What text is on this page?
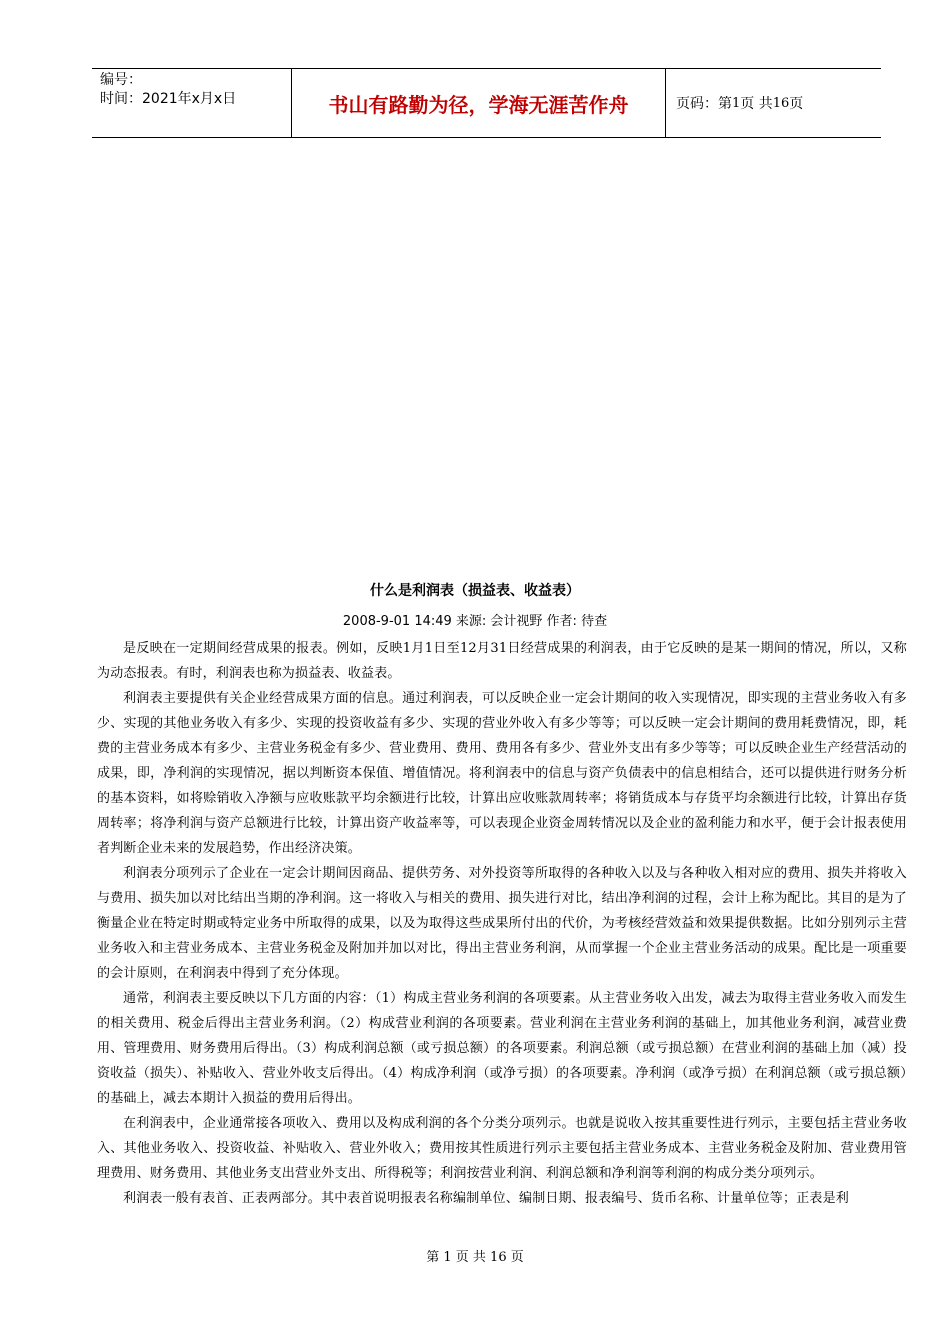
编号：
时间：2021年x月x日	书山有路勤为径，学海无涯苦作舟	页码：第 1 页 共 16 页
什么是利润表（损益表、收益表）
2008-9-01 14:49 来源: 会计视野 作者: 待查

是反映在一定期间经营成果的报表。例如，反映1月1日至12月31日经营成果的利润表，由于它反映的是某一期间的情况，所以，又称为动态报表。有时，利润表也称为损益表、收益表。

利润表主要提供有关企业经营成果方面的信息。通过利润表，可以反映企业一定会计期间的收入实现情况，即实现的主营业务收入有多少、实现的其他业务收入有多少、实现的投资收益有多少、实现的营业外收入有多少等等；可以反映一定会计期间的费用耗费情况，即，耗费的主营业务成本有多少、主营业务税金有多少、营业费用、费用、费用各有多少、营业外支出有多少等等；可以反映企业生产经营活动的成果，即，净利润的实现情况，据以判断资本保值、增值情况。将利润表中的信息与资产负债表中的信息相结合，还可以提供进行财务分析的基本资料，如将赊销收入净额与应收账款平均余额进行比较，计算出应收账款周转率；将销货成本与存货平均余额进行比较，计算出存货周转率；将净利润与资产总额进行比较，计算出资产收益率等，可以表现企业资金周转情况以及企业的盈利能力和水平，便于会计报表使用者判断企业未来的发展趋势，作出经济决策。

利润表分项列示了企业在一定会计期间因商品、提供劳务、对外投资等所取得的各种收入以及与各种收入相对应的费用、损失并将收入与费用、损失加以对比结出当期的净利润。这一将收入与相关的费用、损失进行对比，结出净利润的过程，会计上称为配比。其目的是为了衡量企业在特定时期或特定业务中所取得的成果，以及为取得这些成果所付出的代价，为考核经营效益和效果提供数据。比如分别列示主营业务收入和主营业务成本、主营业务税金及附加并加以对比，得出主营业务利润，从而掌握一个企业主营业务活动的成果。配比是一项重要的会计原则，在利润表中得到了充分体现。

通常，利润表主要反映以下几方面的内容：（1）构成主营业务利润的各项要素。从主营业务收入出发，减去为取得主营业务收入而发生的相关费用、税金后得出主营业务利润。（2）构成营业利润的各项要素。营业利润在主营业务利润的基础上，加其他业务利润，减营业费用、管理费用、财务费用后得出。（3）构成利润总额（或亏损总额）的各项要素。利润总额（或亏损总额）在营业利润的基础上加（减）投资收益（损失）、补贴收入、营业外收支后得出。（4）构成净利润（或净亏损）的各项要素。净利润（或净亏损）在利润总额（或亏损总额）的基础上，减去本期计入损益的费用后得出。

在利润表中，企业通常接各项收入、费用以及构成利润的各个分类分项列示。也就是说收入按其重要性进行列示，主要包括主营业务收入、其他业务收入、投资收益、补贴收入、营业外收入；费用按其性质进行列示主要包括主营业务成本、主营业务税金及附加、营业费用管理费用、财务费用、其他业务支出营业外支出、所得税等；利润按营业利润、利润总额和净利润等利润的构成分类分项列示。

利润表一般有表首、正表两部分。其中表首说明报表名称编制单位、编制日期、报表编号、货币名称、计量单位等；正表是利

第 1 页 共 16 页
